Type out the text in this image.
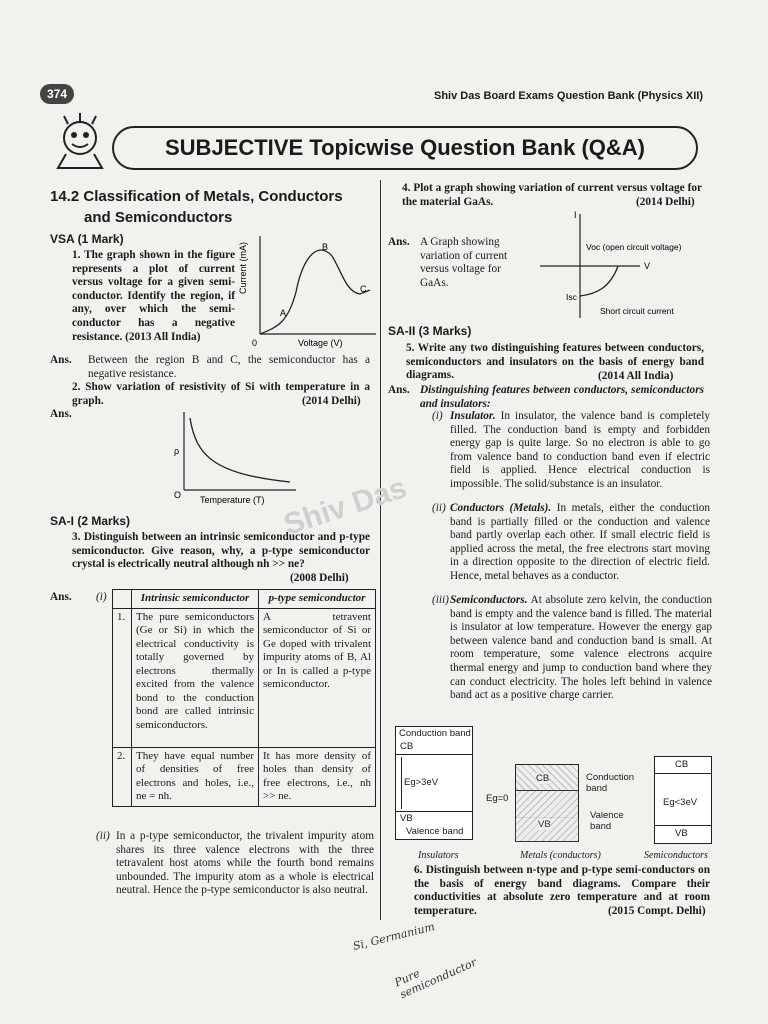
374	Shiv Das Board Exams Question Bank (Physics XII)
SUBJECTIVE Topicwise Question Bank (Q&A)
Shiv Das
14.2 Classification of Metals, Conductors
and Semiconductors
VSA (1 Mark)
1. The graph shown in the figure represents a plot of current versus voltage for a given semi-conductor. Identify the region, if any, over which the semi-conductor has a negative resistance. (2013 All India)
Current (mA)
Voltage (V)
0
A
B
C
Ans. Between the region B and C, the semiconductor has a negative resistance.
2. Show variation of resistivity of Si with temperature in a graph.	(2014 Delhi)
Ans.
ρ
O Temperature (T)
SA-I (2 Marks)
3. Distinguish between an intrinsic semiconductor and p-type semiconductor. Give reason, why, a p-type semiconductor crystal is electrically neutral although nh >> ne?
(2008 Delhi)
Ans. (i)
		Intrinsic semiconductor	p-type semiconductor
1.	The pure semiconductors (Ge or Si) in which the electrical conductivity is totally governed by electrons thermally excited from the valence bond to the conduction bond are called intrinsic semiconductors.	A tetravent semiconductor of Si or Ge doped with trivalent impurity atoms of B, Al or In is called a p-type semiconductor.
2.	They have equal number of densities of free electrons and holes, i.e., ne = nh.	It has more density of holes than density of free electrons, i.e., nh >> ne.
(ii) In a p-type semiconductor, the trivalent impurity atom shares its three valence electrons with the three tetravalent host atoms while the fourth bond remains unbounded. The impurity atom as a whole is electrical neutral. Hence the p-type semiconductor is also neutral.
4. Plot a graph showing variation of current versus voltage for the material GaAs.	(2014 Delhi)
Ans. A Graph showing variation of current versus voltage for GaAs.
I
V
Voc (open circuit voltage)
Isc
Short circuit current
SA-II (3 Marks)
5. Write any two distinguishing features between conductors, semiconductors and insulators on the basis of energy band diagrams.	(2014 All India)
Ans. Distinguishing features between conductors, semiconductors and insulators:
(i) Insulator. In insulator, the valence band is completely filled. The conduction band is empty and forbidden energy gap is quite large. So no electron is able to go from valence band to conduction band even if electric field is applied. Hence electrical conduction is impossible. The solid/substance is an insulator.
(ii) Conductors (Metals). In metals, either the conduction band is partially filled or the conduction and valence band partly overlap each other. If small electric field is applied across the metal, the free electrons start moving in a direction opposite to the direction of electric field. Hence, metal behaves as a conductor.
(iii) Semiconductors. At absolute zero kelvin, the conduction band is empty and the valence band is filled. The material is insulator at low temperature. However the energy gap between valence band and conduction band is small. At room temperature, some valence electrons acquire thermal energy and jump to conduction band where they can conduct electricity. The holes left behind in valence band act as a positive charge carrier.
Conduction band
CB
Eg>3eV
VB
Valence band
Eg=0
CB
VB
Conduction band
Valence band
CB
Eg<3eV
VB
Insulators	Metals (conductors)	Semiconductors
6. Distinguish between n-type and p-type semi-conductors on the basis of energy band diagrams. Compare their conductivities at absolute zero temperature and at room temperature.	(2015 Compt. Delhi)
Si, Germanium
Pure semiconductor
